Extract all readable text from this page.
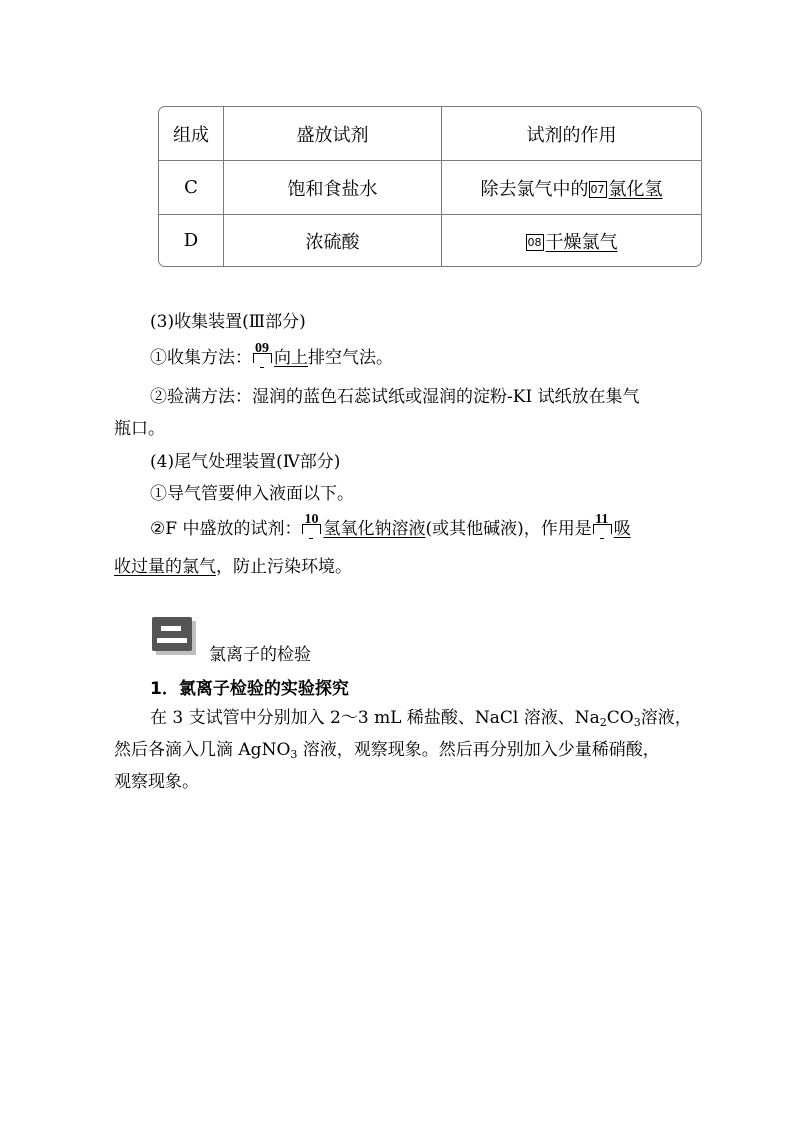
组成	盛放试剂	试剂的作用
C	饱和食盐水	除去氯气中的 07 氯化氢
D	浓硫酸	08 干燥氯气
(3)收集装置(Ⅲ部分)
①收集方法： 09 向上排空气法。
②验满方法：湿润的蓝色石蕊试纸或湿润的淀粉-KI 试纸放在集气
瓶口。
(4)尾气处理装置(Ⅳ部分)
①导气管要伸入液面以下。
②F 中盛放的试剂： 10 氢氧化钠溶液(或其他碱液)，作用是 11 吸
收过量的氯气，防止污染环境。
氯离子的检验
1．氯离子检验的实验探究
在 3 支试管中分别加入 2～3 mL 稀盐酸、NaCl 溶液、$Na_2CO_3$溶液，
然后各滴入几滴 AgNO$_3$ 溶液，观察现象。然后再分别加入少量稀硝酸，
观察现象。
